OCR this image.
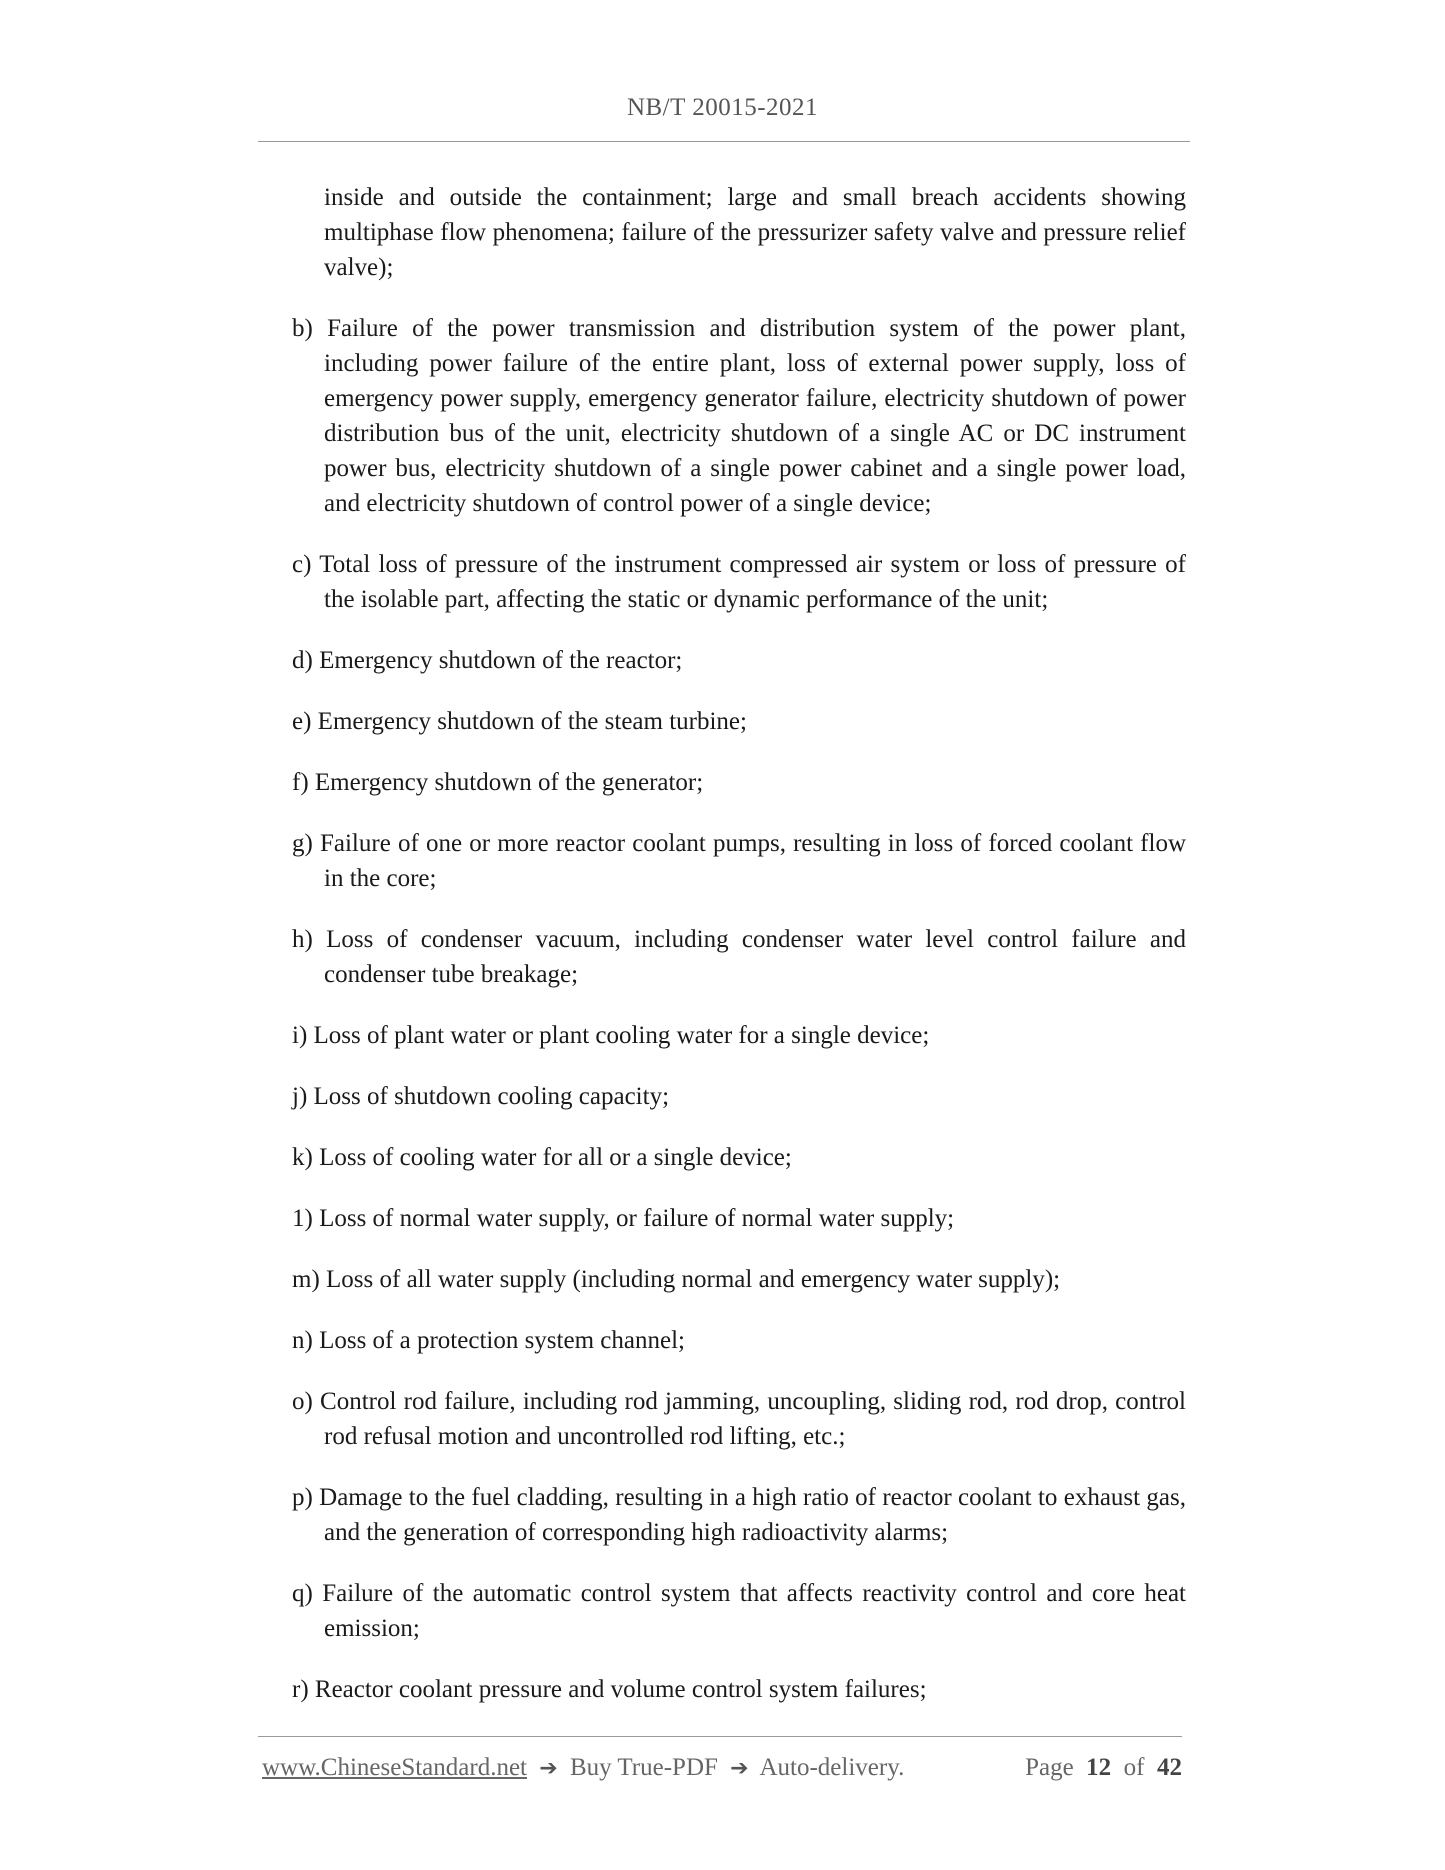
NB/T 20015-2021

inside and outside the containment; large and small breach accidents showing multiphase flow phenomena; failure of the pressurizer safety valve and pressure relief valve);

b) Failure of the power transmission and distribution system of the power plant, including power failure of the entire plant, loss of external power supply, loss of emergency power supply, emergency generator failure, electricity shutdown of power distribution bus of the unit, electricity shutdown of a single AC or DC instrument power bus, electricity shutdown of a single power cabinet and a single power load, and electricity shutdown of control power of a single device;

c) Total loss of pressure of the instrument compressed air system or loss of pressure of the isolable part, affecting the static or dynamic performance of the unit;

d) Emergency shutdown of the reactor;

e) Emergency shutdown of the steam turbine;

f) Emergency shutdown of the generator;

g) Failure of one or more reactor coolant pumps, resulting in loss of forced coolant flow in the core;

h) Loss of condenser vacuum, including condenser water level control failure and condenser tube breakage;

i) Loss of plant water or plant cooling water for a single device;

j) Loss of shutdown cooling capacity;

k) Loss of cooling water for all or a single device;

1) Loss of normal water supply, or failure of normal water supply;

m) Loss of all water supply (including normal and emergency water supply);

n) Loss of a protection system channel;

o) Control rod failure, including rod jamming, uncoupling, sliding rod, rod drop, control rod refusal motion and uncontrolled rod lifting, etc.;

p) Damage to the fuel cladding, resulting in a high ratio of reactor coolant to exhaust gas, and the generation of corresponding high radioactivity alarms;

q) Failure of the automatic control system that affects reactivity control and core heat emission;

r) Reactor coolant pressure and volume control system failures;

www.ChineseStandard.net ➔ Buy True-PDF ➔ Auto-delivery.	Page 12 of 42
